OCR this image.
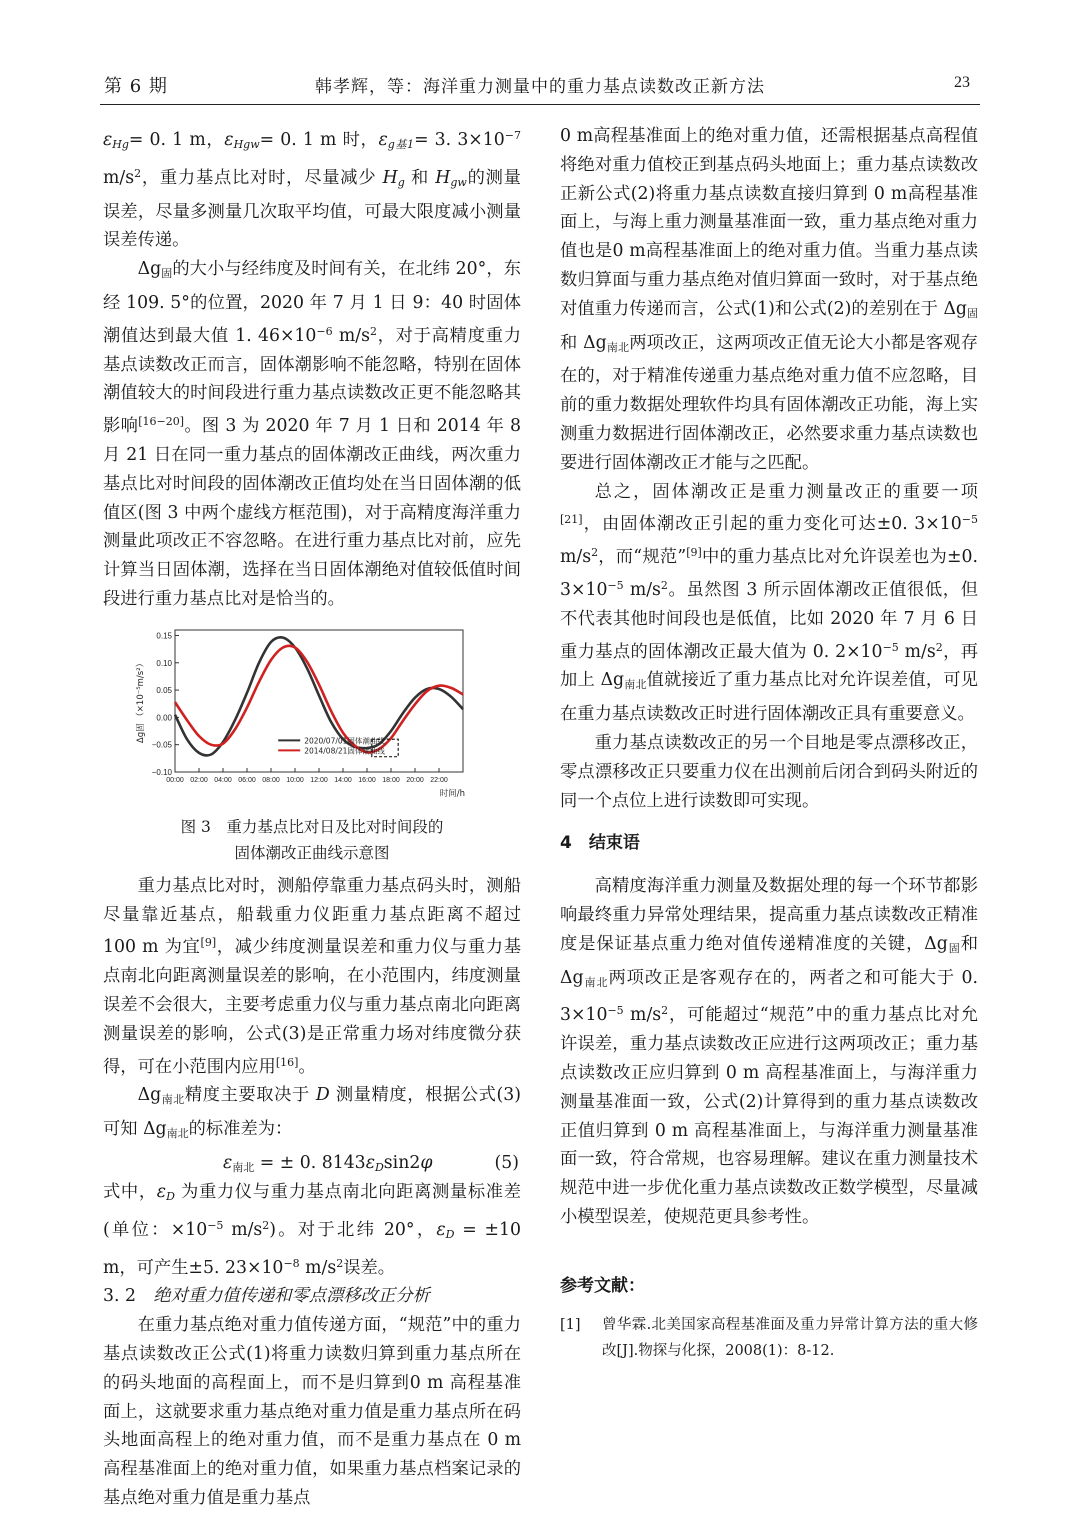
第 6 期	韩孝辉，等：海洋重力测量中的重力基点读数改正新方法	23

$\varepsilon_{Hg}= 0$. 1 m，$\varepsilon_{Hgw}= 0$. 1 m 时，$\varepsilon_{g基1}= 3$. $3\times 10^{-7}$ $m/s^2$，重力基点比对时，尽量减少 $H_g$ 和 $H_{gw}$的测量误差，尽量多测量几次取平均值，可最大限度减小测量误差传递。

$\Delta g_固$的大小与经纬度及时间有关，在北纬 20°，东经 109. 5°的位置，2020 年 7 月 1 日 9：40 时固体潮值达到最大值 1. $46\times 10^{-6}$ $m/s^2$，对于高精度重力基点读数改正而言，固体潮影响不能忽略，特别在固体潮值较大的时间段进行重力基点读数改正更不能忽略其影响[16−20]。图 3 为 2020 年 7 月 1 日和 2014 年 8 月 21 日在同一重力基点的固体潮改正曲线，两次重力基点比对时间段的固体潮改正值均处在当日固体潮的低值区(图 3 中两个虚线方框范围)，对于高精度海洋重力测量此项改正不容忽略。在进行重力基点比对前，应先计算当日固体潮，选择在当日固体潮绝对值较低值时间段进行重力基点比对是恰当的。

0.15
0.10
0.05
0.00
−0.05
−0.10
00:00 02:00 04:00 06:00 08:00 10:00 12:00 14:00 16:00 18:00 20:00 22:00
时间/h
Δg固 （×10⁻⁵m/s²）	2020/07/01固体潮曲线
2014/08/21固体潮曲线
图 3　重力基点比对日及比对时间段的
固体潮改正曲线示意图

重力基点比对时，测船停靠重力基点码头时，测船尽量靠近基点，船载重力仪距重力基点距离不超过 100 m 为宜[9]，减少纬度测量误差和重力仪与重力基点南北向距离测量误差的影响，在小范围内，纬度测量误差不会很大，主要考虑重力仪与重力基点南北向距离测量误差的影响，公式(3)是正常重力场对纬度微分获得，可在小范围内应用[16]。

$\Delta g_{南北}$精度主要取决于 D 测量精度，根据公式(3)可知 $\Delta g_{南北}$的标准差为：

$\varepsilon_{南北}$ = ± 0. $8143\varepsilon_D\sin 2\varphi$	(5)

式中，$\varepsilon_D$ 为重力仪与重力基点南北向距离测量标准差(单位：$\times 10^{-5}$ $m/s^2$)。对于北纬 20°，$\varepsilon_D = \pm 10$ m，可产生±5. $23\times 10^{-8}$ $m/s^2$误差。

3. 2　 绝对重力值传递和零点漂移改正分析

在重力基点绝对重力值传递方面，“规范”中的重力基点读数改正公式(1)将重力读数归算到重力基点所在的码头地面的高程面上，而不是归算到0 m 高程基准面上，这就要求重力基点绝对重力值是重力基点所在码头地面高程上的绝对重力值，而不是重力基点在 0 m 高程基准面上的绝对重力值，如果重力基点档案记录的基点绝对重力值是重力基点

0 m高程基准面上的绝对重力值，还需根据基点高程值将绝对重力值校正到基点码头地面上；重力基点读数改正新公式(2)将重力基点读数直接归算到 0 m高程基准面上，与海上重力测量基准面一致，重力基点绝对重力值也是0 m高程基准面上的绝对重力值。当重力基点读数归算面与重力基点绝对值归算面一致时，对于基点绝对值重力传递而言，公式(1)和公式(2)的差别在于 $\Delta g_固$和 $\Delta g_{南北}$两项改正，这两项改正值无论大小都是客观存在的，对于精准传递重力基点绝对重力值不应忽略，目前的重力数据处理软件均具有固体潮改正功能，海上实测重力数据进行固体潮改正，必然要求重力基点读数也要进行固体潮改正才能与之匹配。

总之，固体潮改正是重力测量改正的重要一项[21]，由固体潮改正引起的重力变化可达±0. $3\times 10^{-5}$ $m/s^2$，而“规范”[9]中的重力基点比对允许误差也为±0. $3\times 10^{-5}$ $m/s^2$。虽然图 3 所示固体潮改正值很低，但不代表其他时间段也是低值，比如 2020 年 7 月 6 日重力基点的固体潮改正最大值为 0. $2\times 10^{-5}$ $m/s^2$，再加上 $\Delta g_{南北}$值就接近了重力基点比对允许误差值，可见在重力基点读数改正时进行固体潮改正具有重要意义。

重力基点读数改正的另一个目地是零点漂移改正，零点漂移改正只要重力仪在出测前后闭合到码头附近的同一个点位上进行读数即可实现。

4　 结束语

高精度海洋重力测量及数据处理的每一个环节都影响最终重力异常处理结果，提高重力基点读数改正精准度是保证基点重力绝对值传递精准度的关键，$\Delta g_固$和 $\Delta g_{南北}$两项改正是客观存在的，两者之和可能大于 0. $3\times 10^{-5}$ $m/s^2$，可能超过“规范”中的重力基点比对允许误差，重力基点读数改正应进行这两项改正；重力基点读数改正应归算到 0 m 高程基准面上，与海洋重力测量基准面一致，公式(2)计算得到的重力基点读数改正值归算到 0 m 高程基准面上，与海洋重力测量基准面一致，符合常规，也容易理解。建议在重力测量技术规范中进一步优化重力基点读数改正数学模型，尽量减小模型误差，使规范更具参考性。

参考文献：
[1]	曾华霖.北美国家高程基准面及重力异常计算方法的重大修改[J].物探与化探，2008(1)：8-12.
